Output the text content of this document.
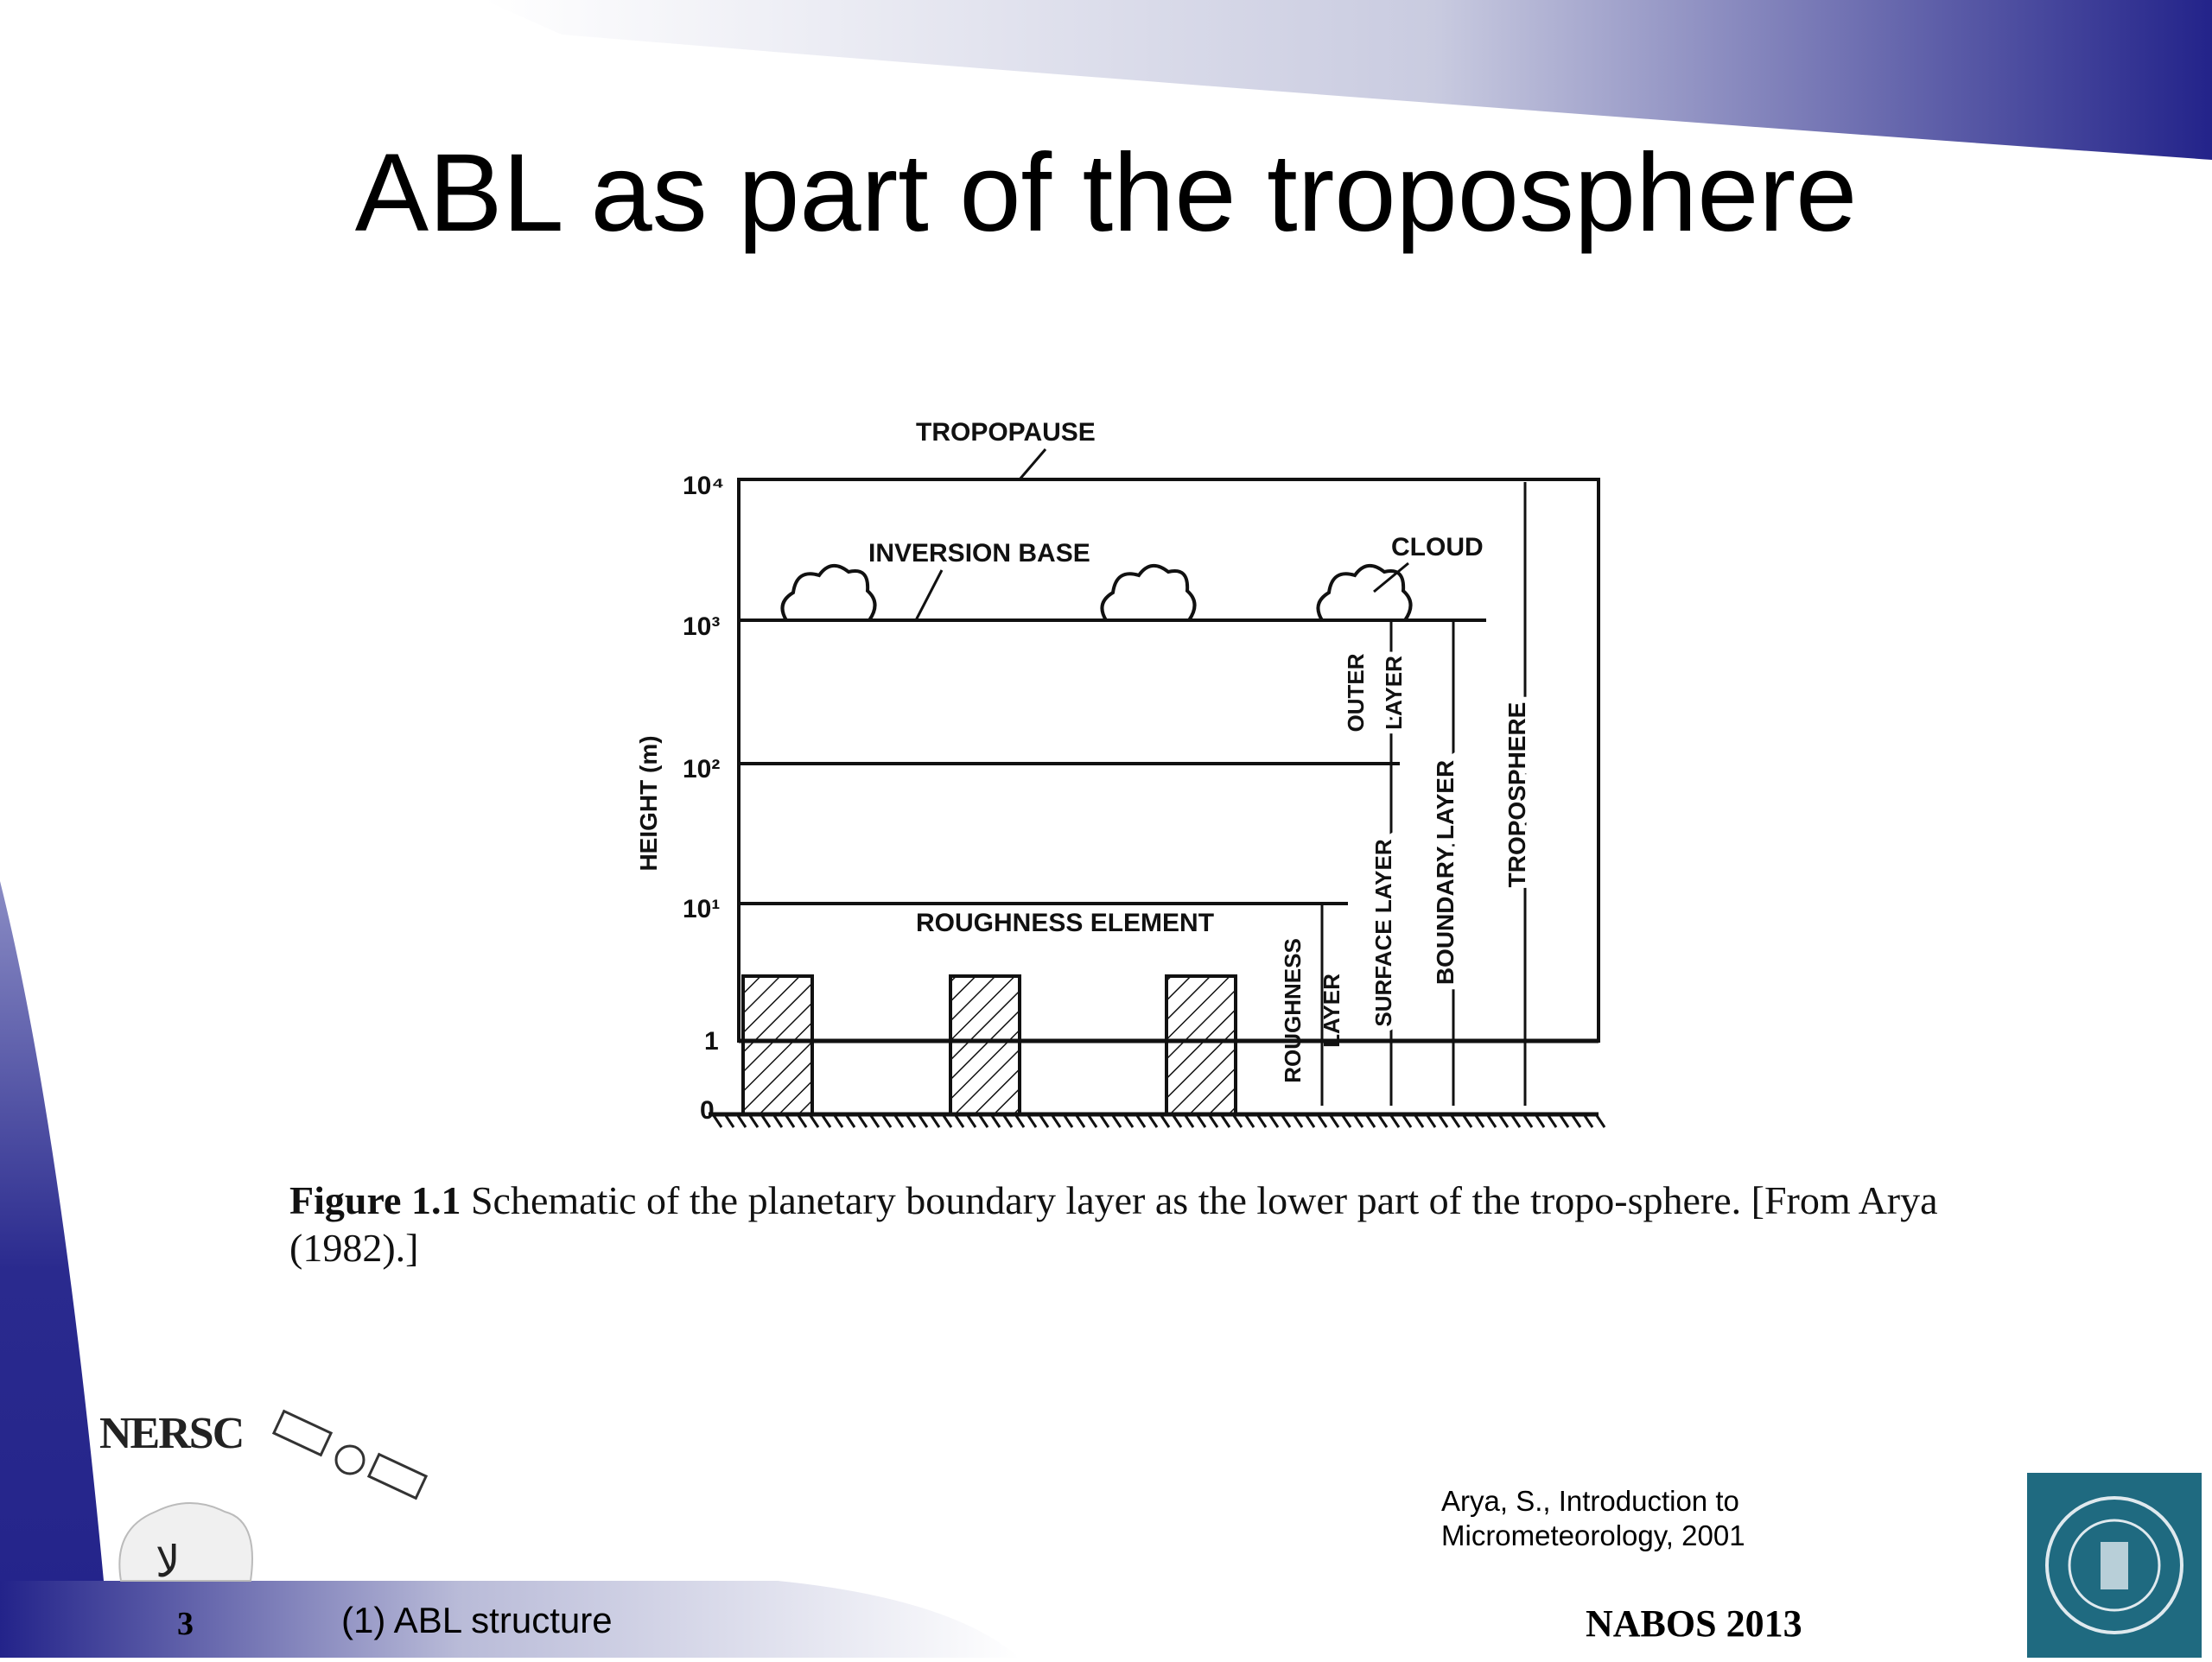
ABL as part of the troposphere
10⁴
10³
10²
10¹
1
0
HEIGHT (m)
TROPOPAUSE
INVERSION BASE	CLOUD
ROUGHNESS ELEMENT
TROPOSPHERE
BOUNDARY LAYER
OUTER LAYER
SURFACE LAYER
ROUGHNESS LAYER
Figure 1.1 Schematic of the planetary boundary layer as the lower part of the tropo-sphere. [From Arya (1982).]
Arya, S., Introduction to
Micrometeorology, 2001
NERSC
ﻻ
3	(1) ABL structure	NABOS 2013
